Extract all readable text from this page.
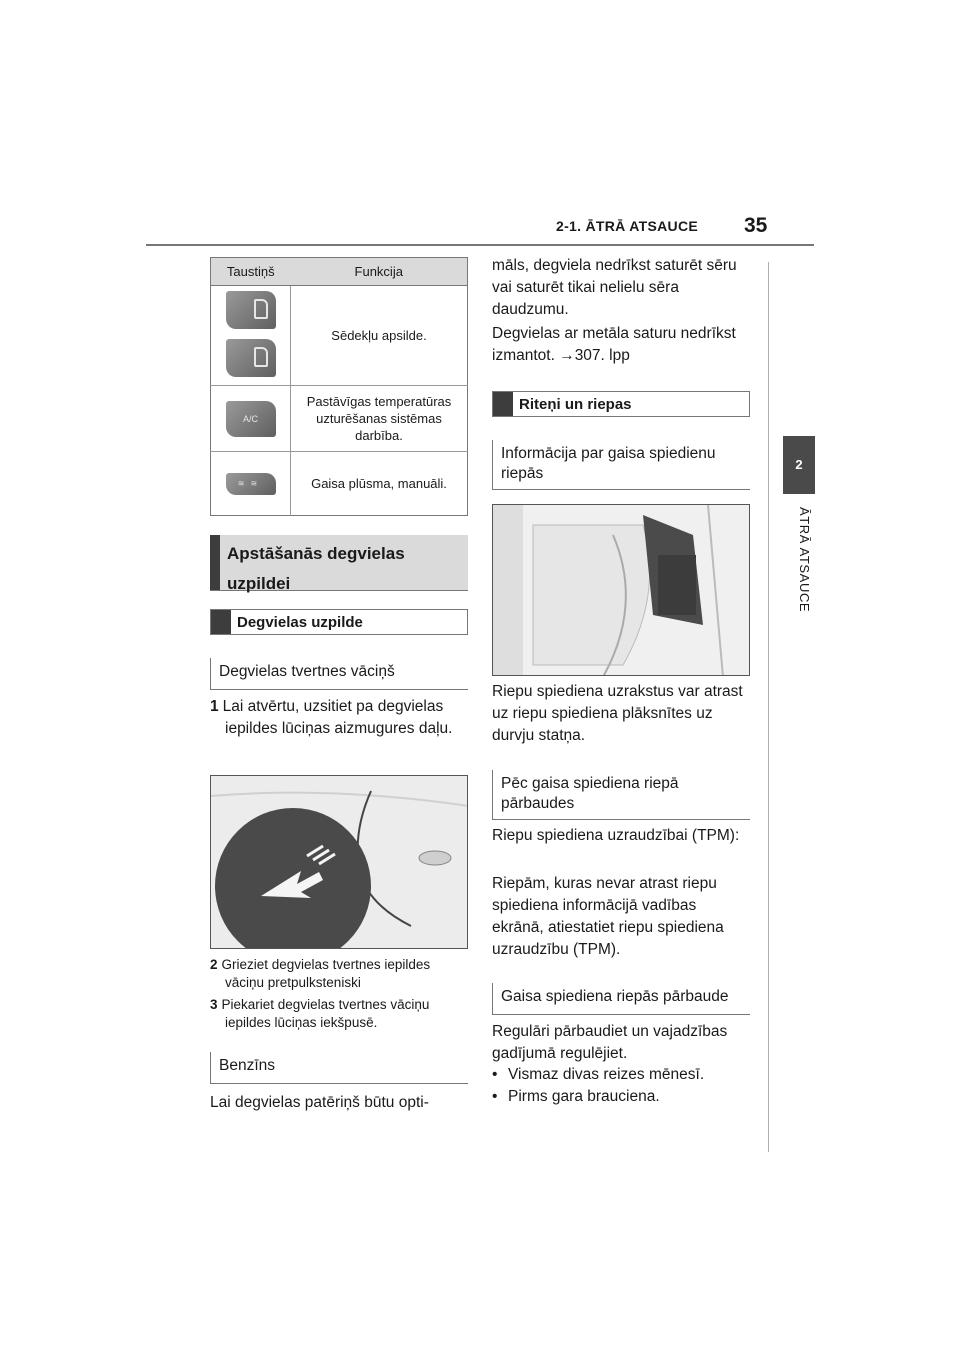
2-1. ĀTRĀ ATSAUCE 35
2
ĀTRĀ ATSAUCE
Taustiņš	Funkcija

	Sēdekļu apsilde.
A/C	Pastāvīgas temperatūras uzturēšanas sistēmas darbība.
≋≋	Gaisa plūsma, manuāli.
Apstāšanās degvielas uzpildei
Degvielas uzpilde
Degvielas tvertnes vāciņš
1 Lai atvērtu, uzsitiet pa degvielas iepildes lūciņas aizmugures daļu.
2 Grieziet degvielas tvertnes iepildes vāciņu pretpulksteniski
3 Piekariet degvielas tvertnes vāciņu iepildes lūciņas iekšpusē.
Benzīns
Lai degvielas patēriņš būtu opti-
māls, degviela nedrīkst saturēt sēru vai saturēt tikai nelielu sēra daudzumu.
Degvielas ar metāla saturu nedrīkst izmantot. →307. lpp
Riteņi un riepas
Informācija par gaisa spiedienu riepās
Riepu spiediena uzrakstus var atrast uz riepu spiediena plāksnītes uz durvju statņa.
Pēc gaisa spiediena riepā pārbaudes
Riepu spiediena uzraudzībai (TPM):
Riepām, kuras nevar atrast riepu spiediena informācijā vadības ekrānā, atiestatiet riepu spiediena uzraudzību (TPM).
Gaisa spiediena riepās pārbaude
Regulāri pārbaudiet un vajadzības gadījumā regulējiet.
• Vismaz divas reizes mēnesī.
• Pirms gara brauciena.
